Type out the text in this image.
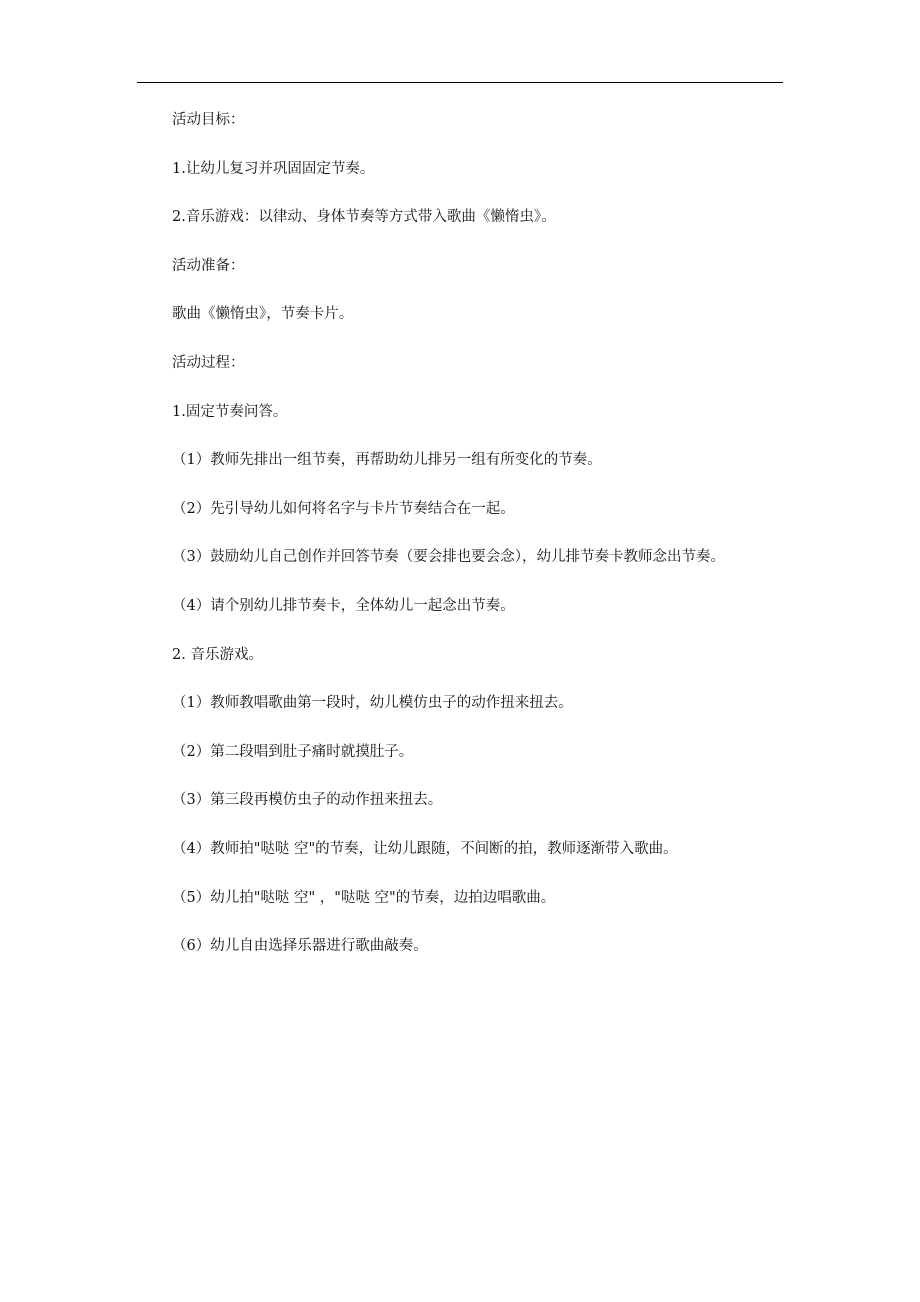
活动目标：
1.让幼儿复习并巩固固定节奏。
2.音乐游戏：以律动、身体节奏等方式带入歌曲《懒惰虫》。
活动准备：
歌曲《懒惰虫》，节奏卡片。
活动过程：
1.固定节奏问答。
（1）教师先排出一组节奏，再帮助幼儿排另一组有所变化的节奏。
（2）先引导幼儿如何将名字与卡片节奏结合在一起。
（3）鼓励幼儿自己创作并回答节奏（要会排也要会念），幼儿排节奏卡教师念出节奏。
（4）请个别幼儿排节奏卡，全体幼儿一起念出节奏。
2. 音乐游戏。
（1）教师教唱歌曲第一段时，幼儿模仿虫子的动作扭来扭去。
（2）第二段唱到肚子痛时就摸肚子。
（3）第三段再模仿虫子的动作扭来扭去。
（4）教师拍"哒哒 空"的节奏，让幼儿跟随，不间断的拍，教师逐渐带入歌曲。
（5）幼儿拍"哒哒 空" ，"哒哒 空"的节奏，边拍边唱歌曲。
（6）幼儿自由选择乐器进行歌曲敲奏。
